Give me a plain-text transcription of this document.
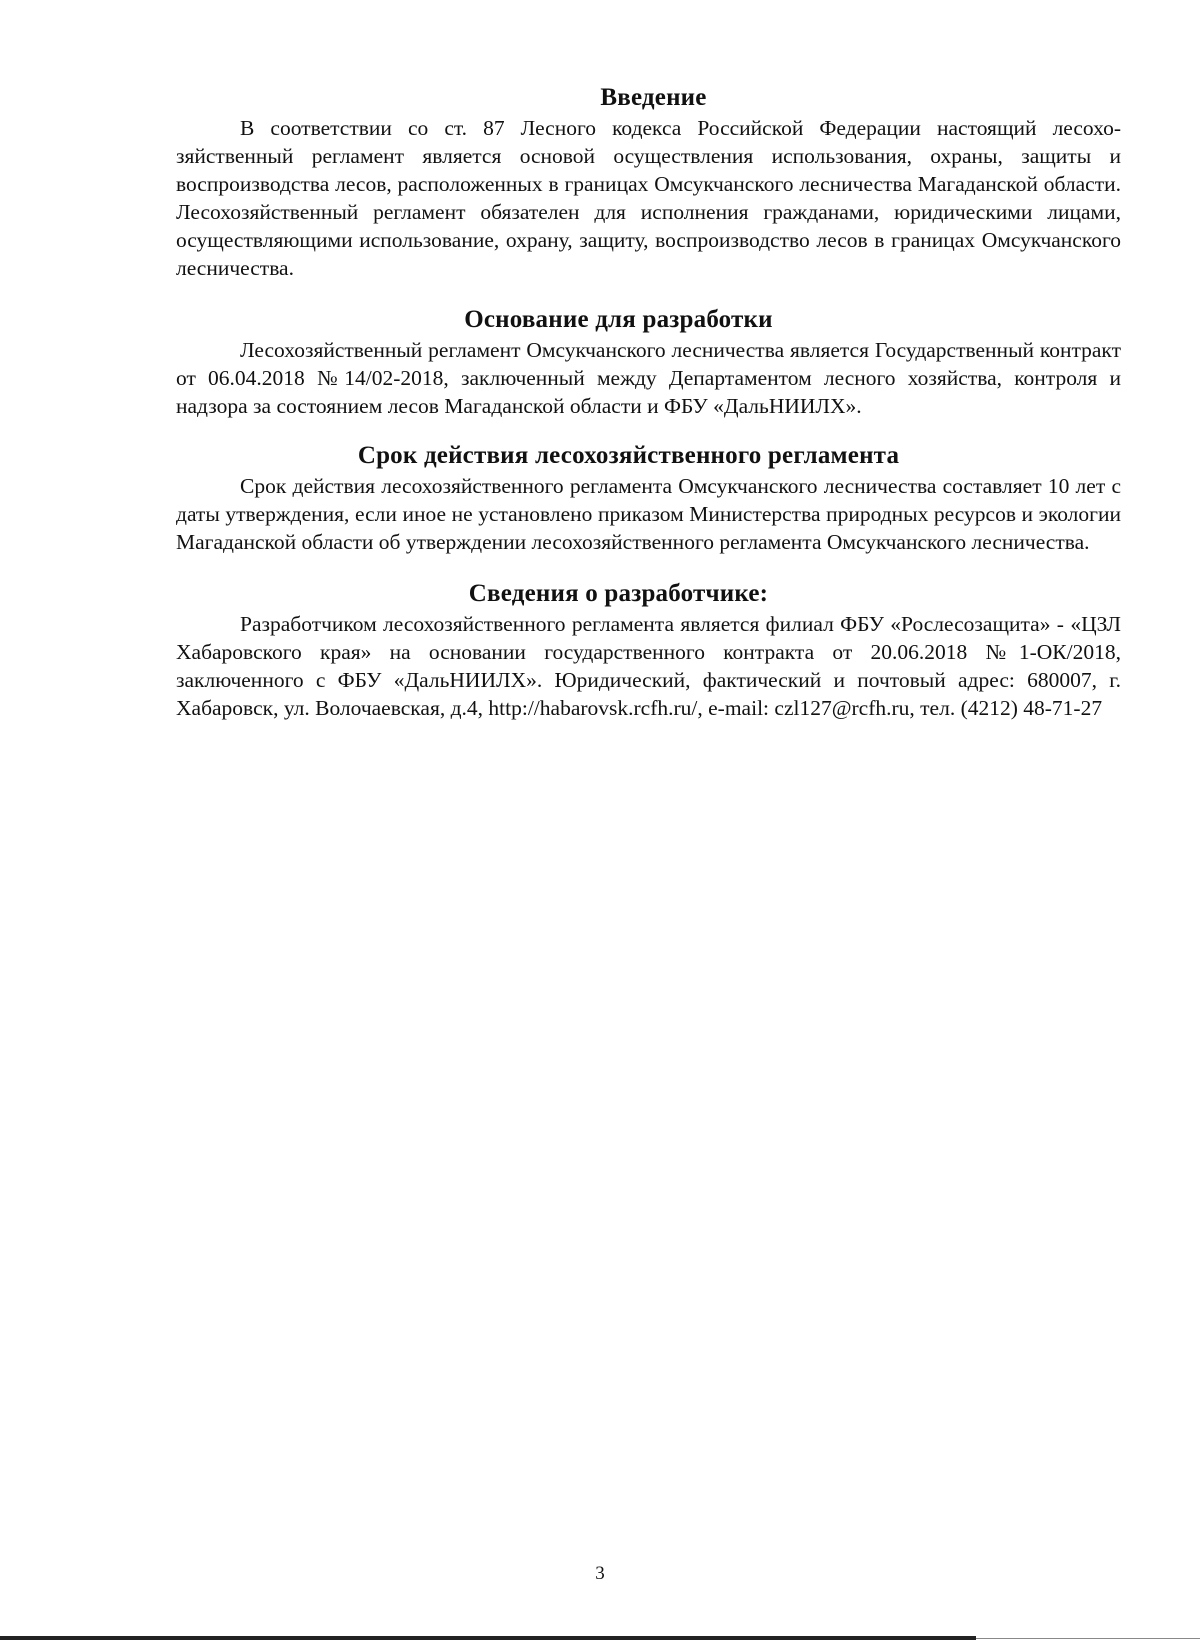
Введение

В соответствии со ст. 87 Лесного кодекса Российской Федерации настоящий лесохозяйственный регламент является основой осуществления использования, охраны, защиты и воспроизводства лесов, расположенных в границах Омсукчанского лесничества Магаданской области. Лесохозяйственный регламент обязателен для исполнения гражданами, юридическими лицами, осуществляющими использование, охрану, защиту, воспроизводство лесов в границах Омсукчанского лесничества.

Основание для разработки

Лесохозяйственный регламент Омсукчанского лесничества является Государственный контракт от 06.04.2018 №14/02-2018, заключенный между Департаментом лесного хозяйства, контроля и надзора за состоянием лесов Магаданской области и ФБУ «ДальНИИЛХ».

Срок действия лесохозяйственного регламента

Срок действия лесохозяйственного регламента Омсукчанского лесничества составляет 10 лет с даты утверждения, если иное не установлено приказом Министерства природных ресурсов и экологии Магаданской области об утверждении лесохозяйственного регламента Омсукчанского лесничества.

Сведения о разработчике:

Разработчиком лесохозяйственного регламента является филиал ФБУ «Рослесозащита» - «ЦЗЛ Хабаровского края» на основании государственного контракта от 20.06.2018 №1-ОК/2018, заключенного с ФБУ «ДальНИИЛХ». Юридический, фактический и почтовый адрес: 680007, г. Хабаровск, ул. Волочаевская, д.4, http://habarovsk.rcfh.ru/, e-mail: czl127@rcfh.ru, тел. (4212) 48-71-27

3
